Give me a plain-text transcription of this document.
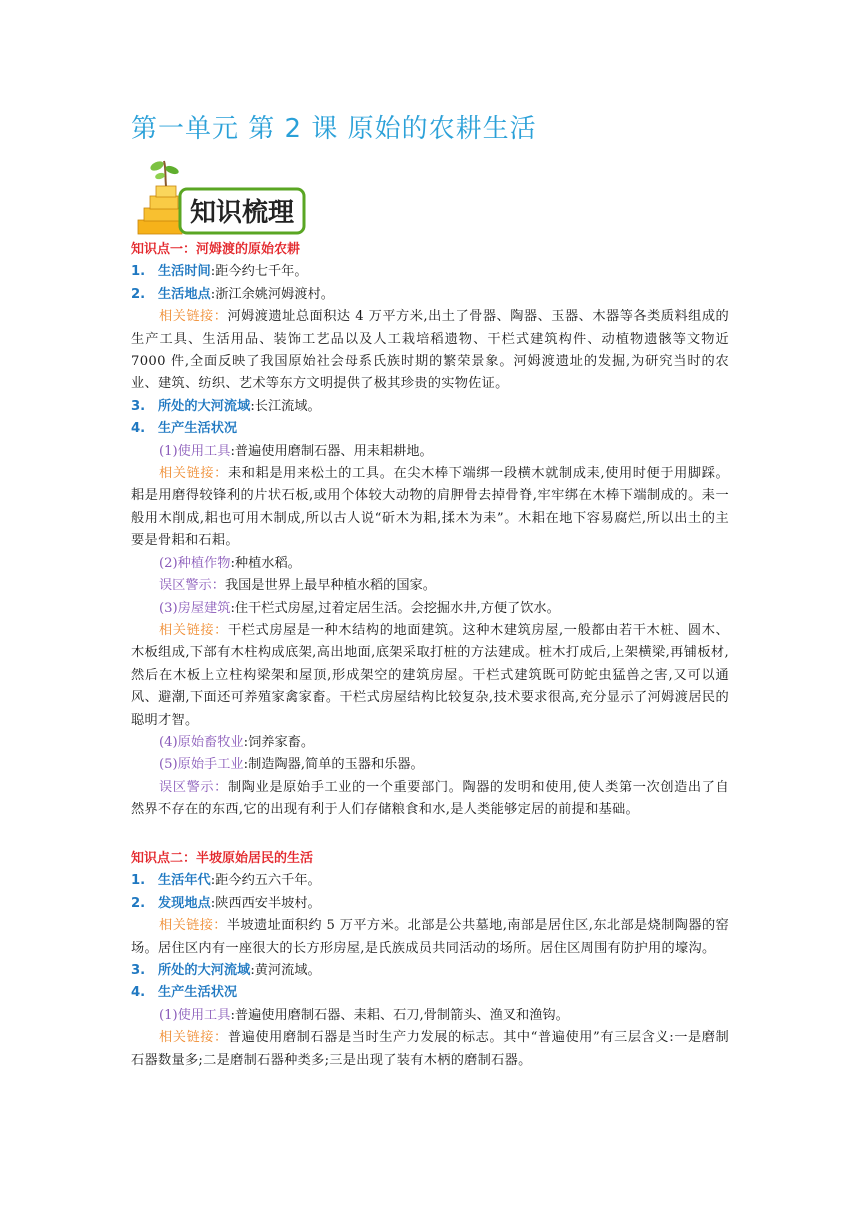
第一单元 第 2 课 原始的农耕生活
知识梳理

知识点一：河姆渡的原始农耕

1. 生活时间:距今约七千年。

2. 生活地点:浙江余姚河姆渡村。

相关链接：河姆渡遗址总面积达 4 万平方米,出土了骨器、陶器、玉器、木器等各类质料组成的生产工具、生活用品、装饰工艺品以及人工栽培稻遗物、干栏式建筑构件、动植物遗骸等文物近 7000 件,全面反映了我国原始社会母系氏族时期的繁荣景象。河姆渡遗址的发掘,为研究当时的农业、建筑、纺织、艺术等东方文明提供了极其珍贵的实物佐证。

3. 所处的大河流域:长江流域。

4. 生产生活状况

(1)使用工具:普遍使用磨制石器、用耒耜耕地。

相关链接：耒和耜是用来松土的工具。在尖木棒下端绑一段横木就制成耒,使用时便于用脚踩。耜是用磨得较锋利的片状石板,或用个体较大动物的肩胛骨去掉骨脊,牢牢绑在木棒下端制成的。耒一般用木削成,耜也可用木制成,所以古人说“斫木为耜,揉木为耒”。木耜在地下容易腐烂,所以出土的主要是骨耜和石耜。

(2)种植作物:种植水稻。

误区警示：我国是世界上最早种植水稻的国家。

(3)房屋建筑:住干栏式房屋,过着定居生活。会挖掘水井,方便了饮水。

相关链接：干栏式房屋是一种木结构的地面建筑。这种木建筑房屋,一般都由若干木桩、圆木、木板组成,下部有木柱构成底架,高出地面,底架采取打桩的方法建成。桩木打成后,上架横梁,再铺板材,然后在木板上立柱构梁架和屋顶,形成架空的建筑房屋。干栏式建筑既可防蛇虫猛兽之害,又可以通风、避潮,下面还可养殖家禽家畜。干栏式房屋结构比较复杂,技术要求很高,充分显示了河姆渡居民的聪明才智。

(4)原始畜牧业:饲养家畜。

(5)原始手工业:制造陶器,简单的玉器和乐器。

误区警示：制陶业是原始手工业的一个重要部门。陶器的发明和使用,使人类第一次创造出了自然界不存在的东西,它的出现有利于人们存储粮食和水,是人类能够定居的前提和基础。

知识点二：半坡原始居民的生活

1. 生活年代:距今约五六千年。

2. 发现地点:陕西西安半坡村。

相关链接：半坡遗址面积约 5 万平方米。北部是公共墓地,南部是居住区,东北部是烧制陶器的窑场。居住区内有一座很大的长方形房屋,是氏族成员共同活动的场所。居住区周围有防护用的壕沟。

3. 所处的大河流域:黄河流域。

4. 生产生活状况

(1)使用工具:普遍使用磨制石器、耒耜、石刀,骨制箭头、渔叉和渔钩。

相关链接：普遍使用磨制石器是当时生产力发展的标志。其中“普遍使用”有三层含义:一是磨制石器数量多;二是磨制石器种类多;三是出现了装有木柄的磨制石器。
